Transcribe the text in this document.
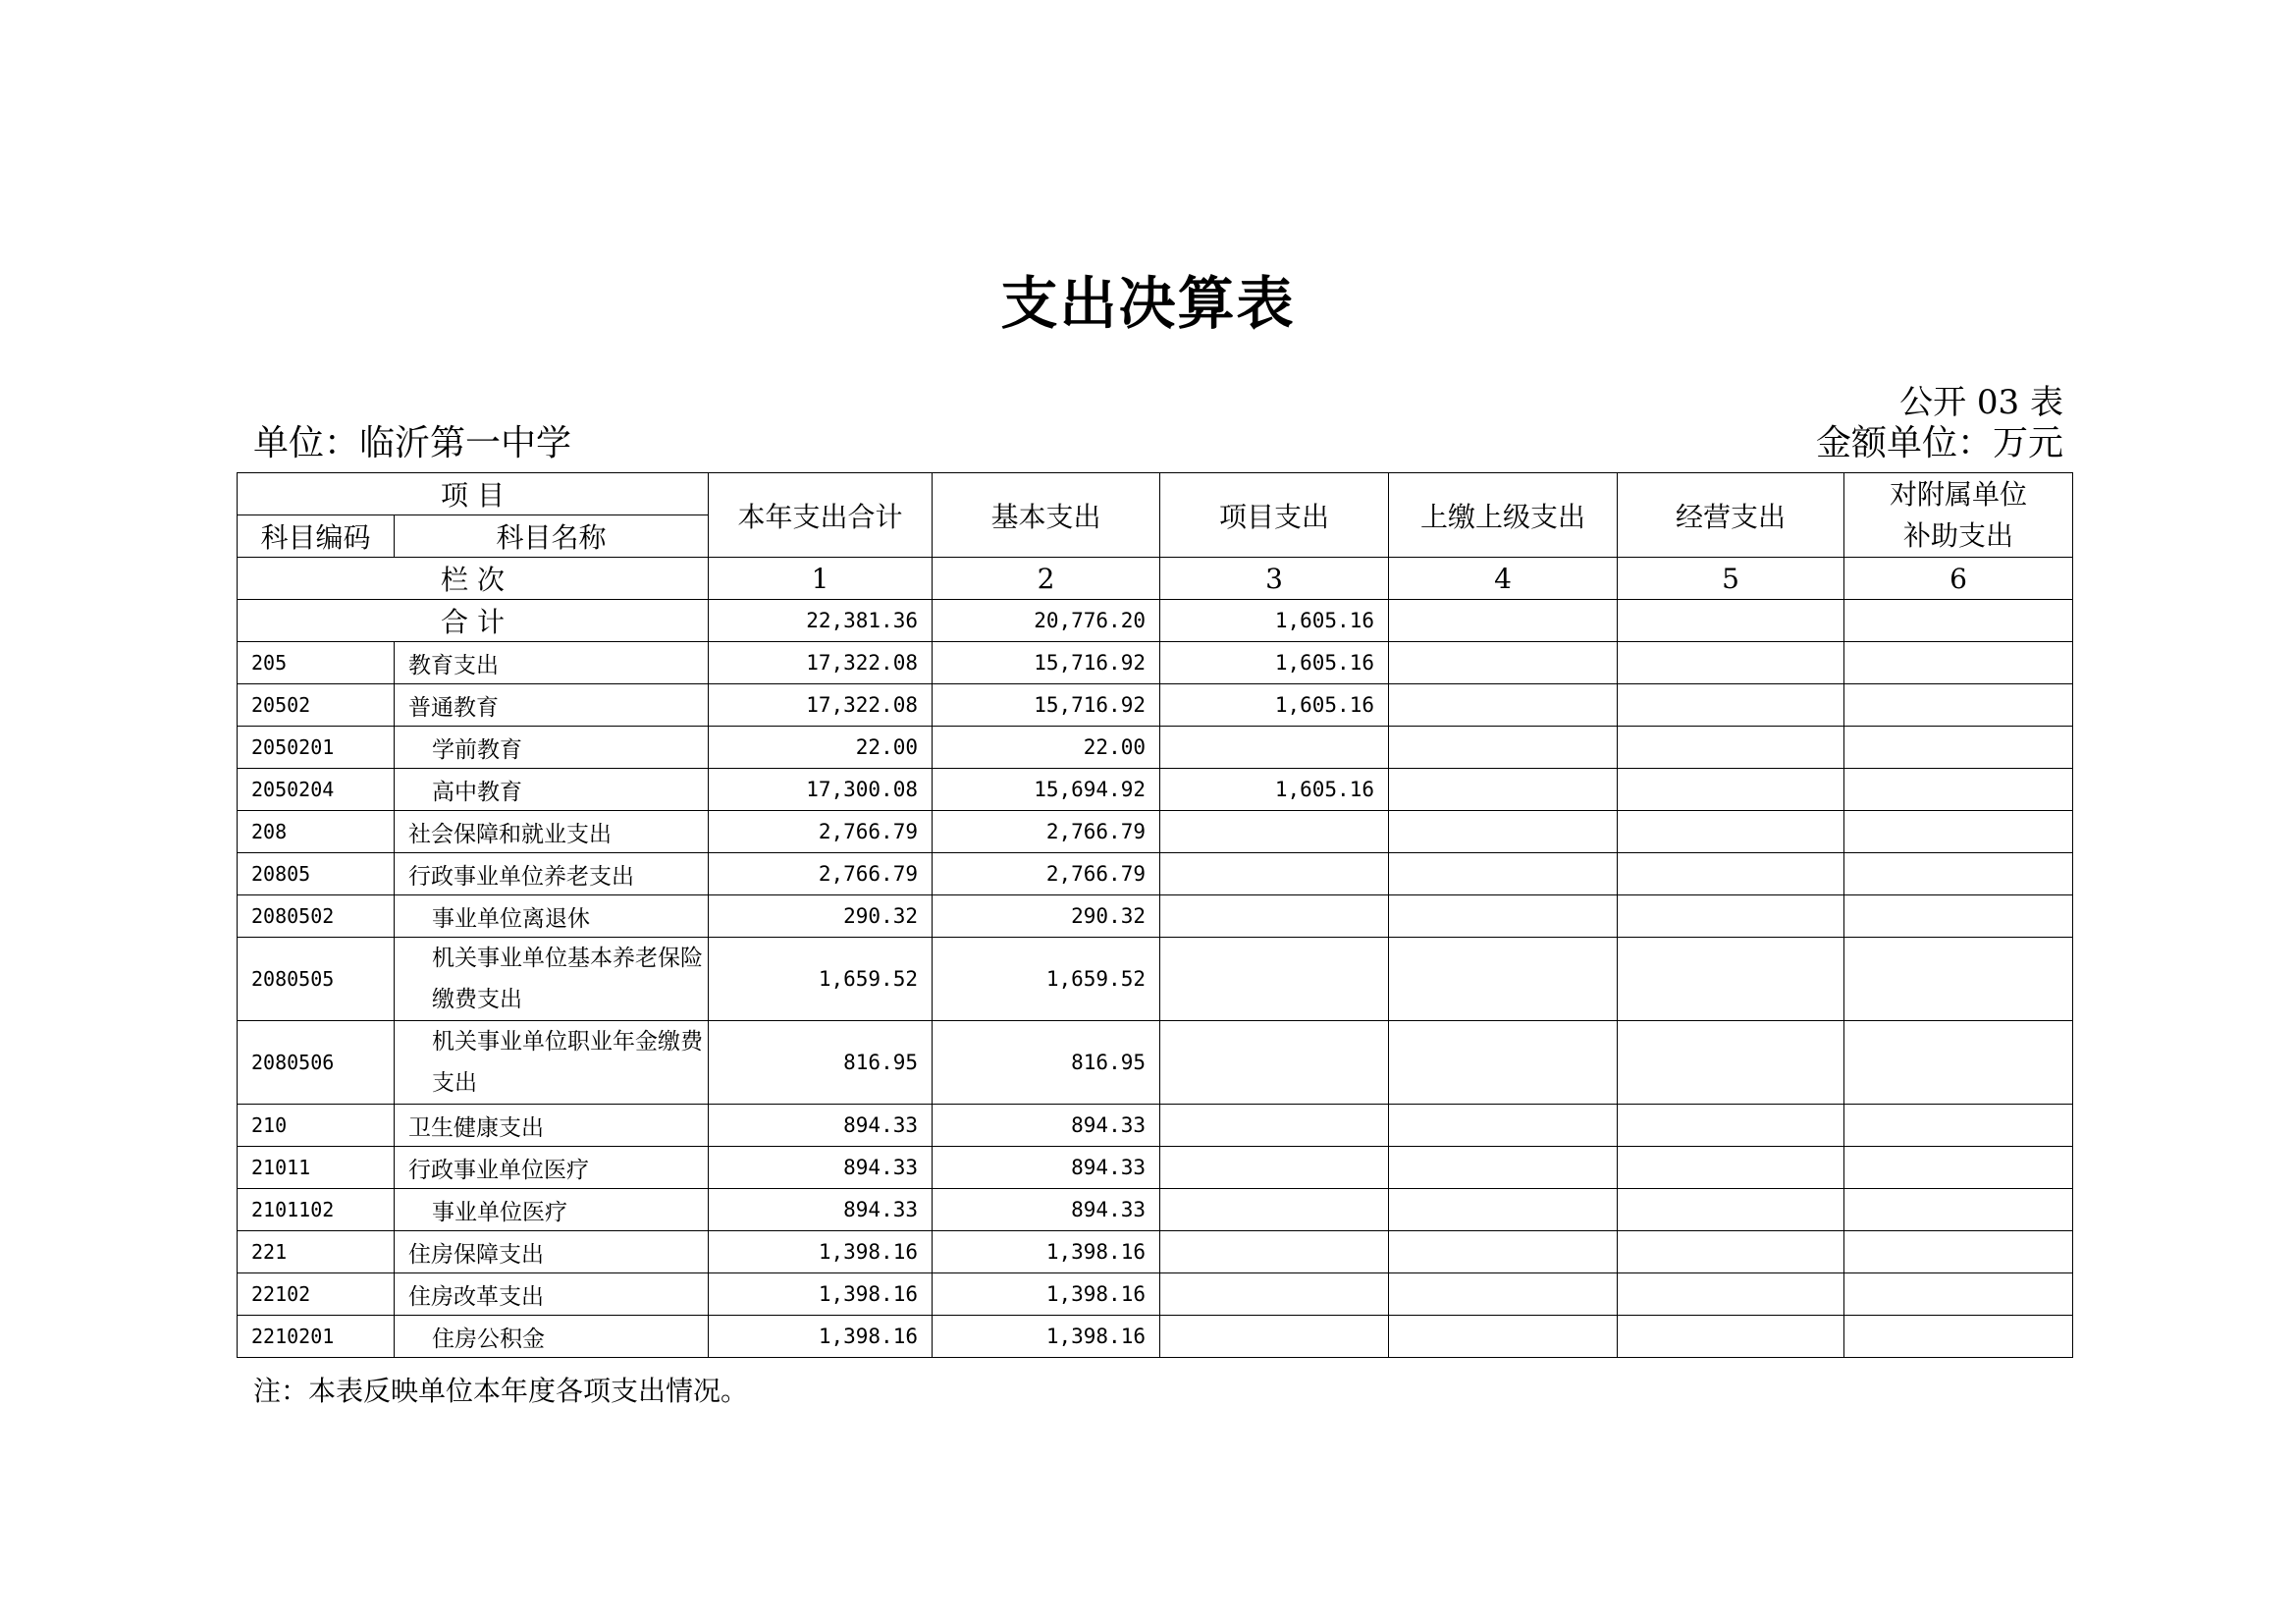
支出决算表
公开 03 表
单位：临沂第一中学	金额单位：万元
项 目		本年支出合计	基本支出	项目支出	上缴上级支出	经营支出	对附属单位补助支出
科目编码	科目名称						
栏 次		1	2	3	4	5	6
合 计		22,381.36	20,776.20	1,605.16			
205	教育支出	17,322.08	15,716.92	1,605.16			
20502	普通教育	17,322.08	15,716.92	1,605.16			
2050201	学前教育	22.00	22.00				
2050204	高中教育	17,300.08	15,694.92	1,605.16			
208	社会保障和就业支出	2,766.79	2,766.79				
20805	行政事业单位养老支出	2,766.79	2,766.79				
2080502	事业单位离退休	290.32	290.32				
2080505	机关事业单位基本养老保险缴费支出	1,659.52	1,659.52				
2080506	机关事业单位职业年金缴费支出	816.95	816.95				
210	卫生健康支出	894.33	894.33				
21011	行政事业单位医疗	894.33	894.33				
2101102	事业单位医疗	894.33	894.33				
221	住房保障支出	1,398.16	1,398.16				
22102	住房改革支出	1,398.16	1,398.16				
2210201	住房公积金	1,398.16	1,398.16				
注：本表反映单位本年度各项支出情况。
